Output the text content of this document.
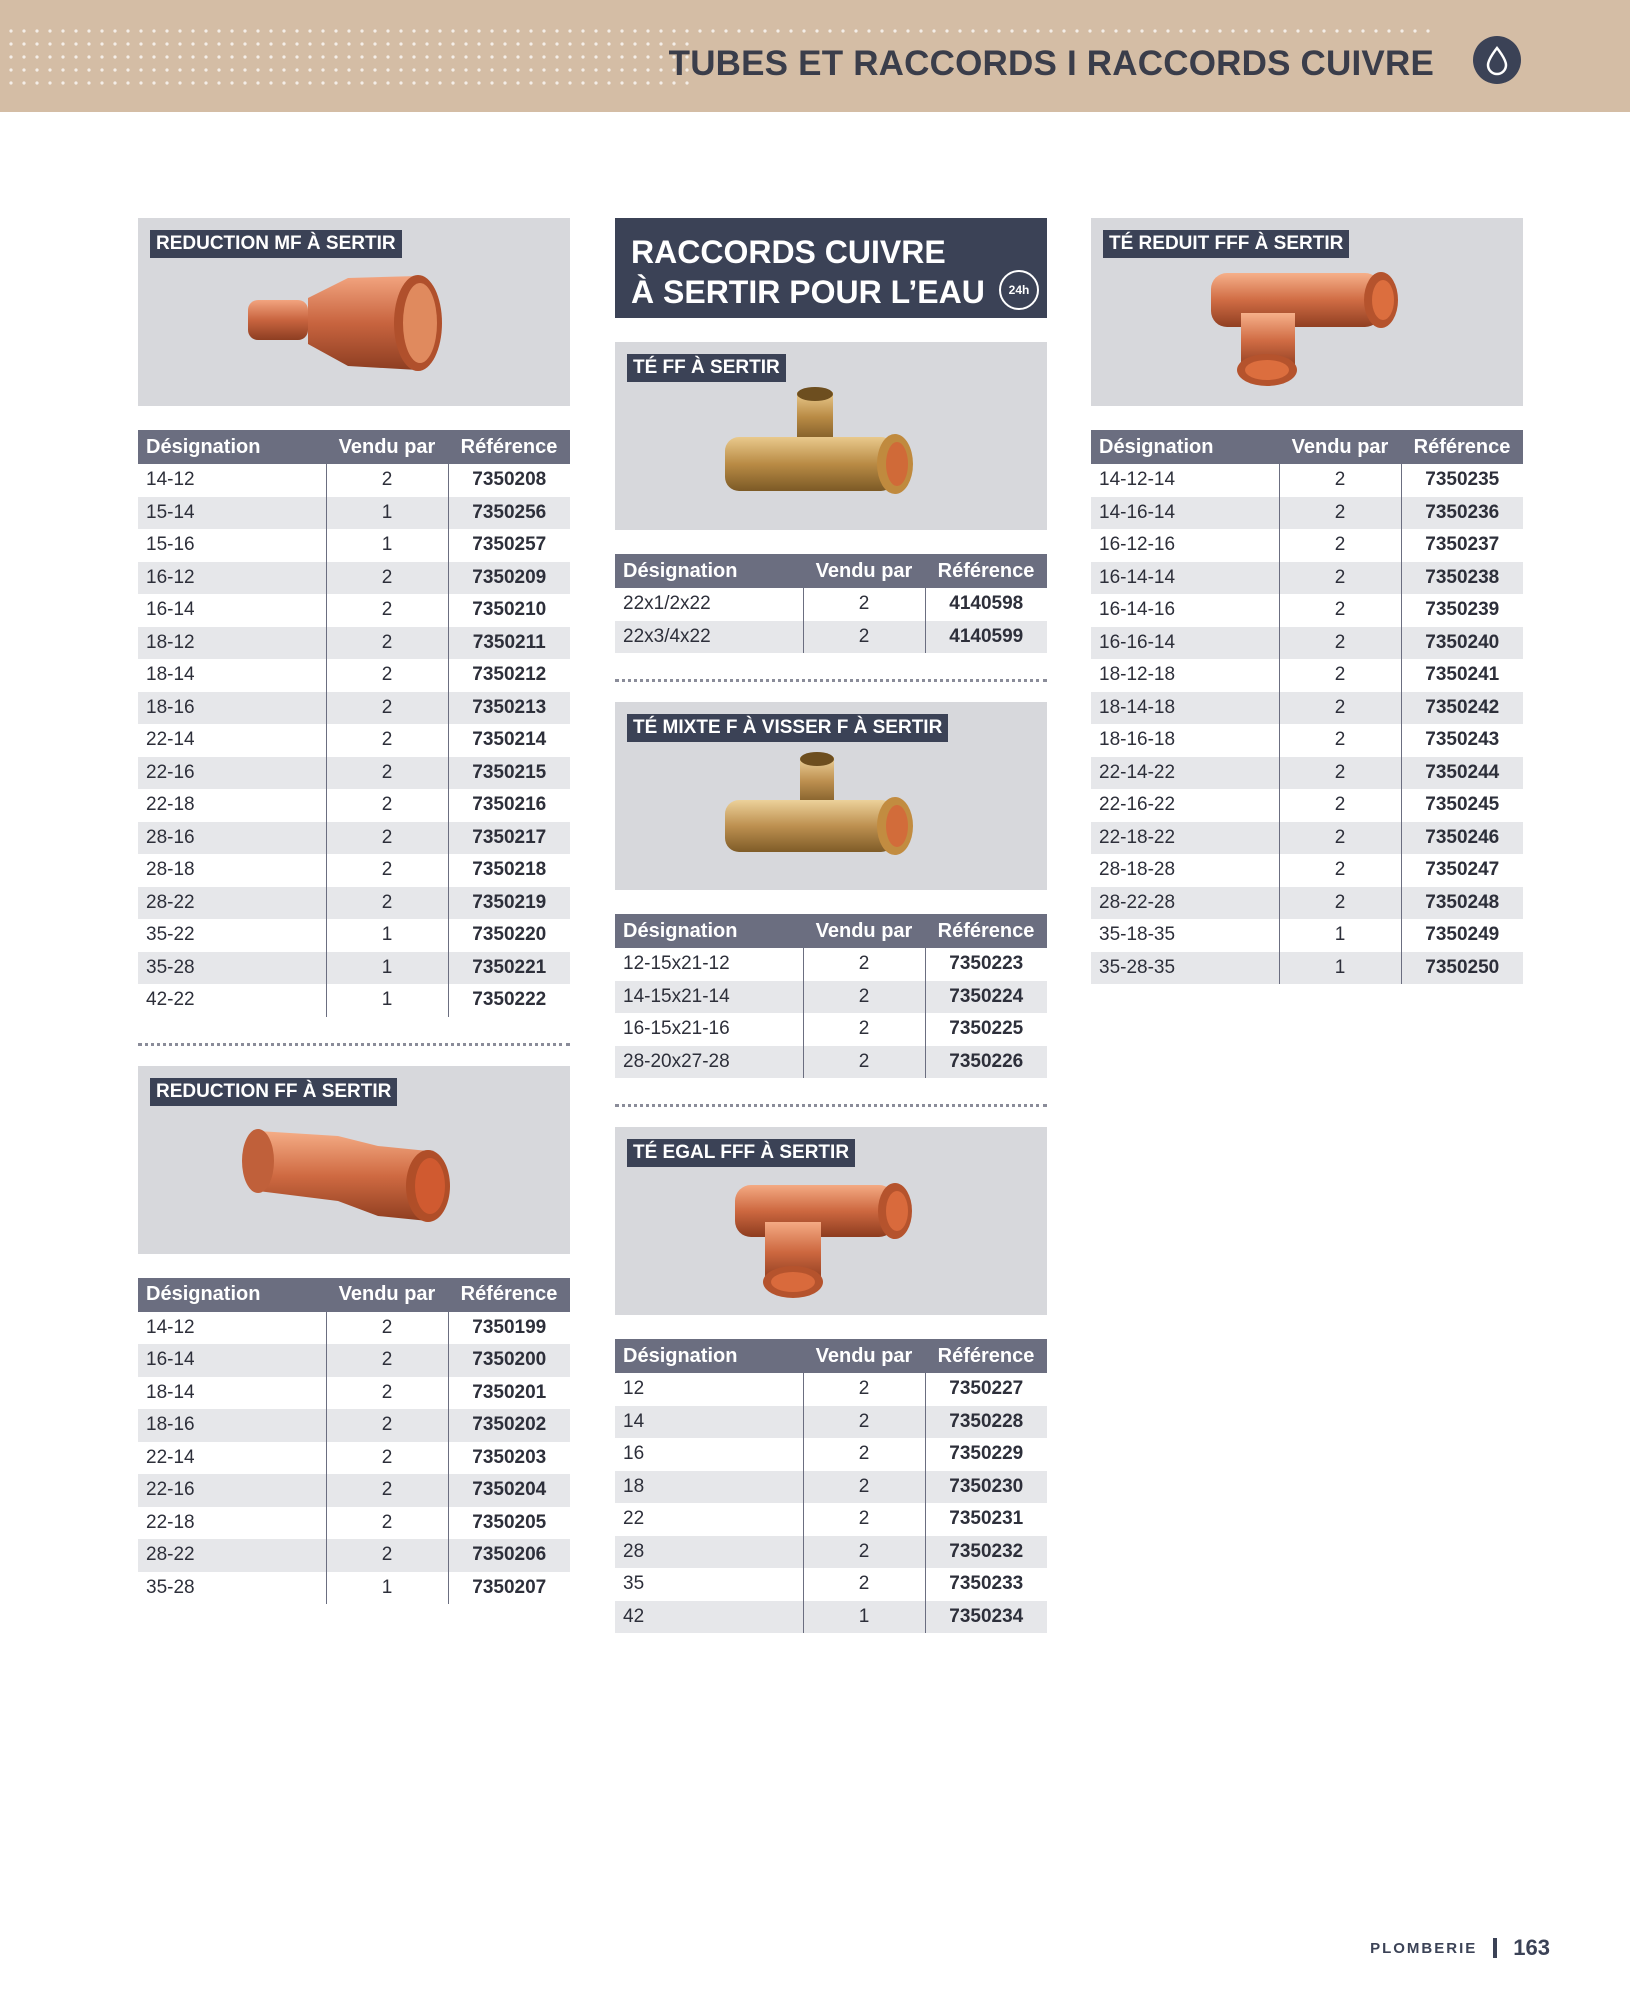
TUBES ET RACCORDS I RACCORDS CUIVRE
REDUCTION MF À SERTIR
Désignation	Vendu par	Référence
14-12	2	7350208
15-14	1	7350256
15-16	1	7350257
16-12	2	7350209
16-14	2	7350210
18-12	2	7350211
18-14	2	7350212
18-16	2	7350213
22-14	2	7350214
22-16	2	7350215
22-18	2	7350216
28-16	2	7350217
28-18	2	7350218
28-22	2	7350219
35-22	1	7350220
35-28	1	7350221
42-22	1	7350222
REDUCTION FF À SERTIR
Désignation	Vendu par	Référence
14-12	2	7350199
16-14	2	7350200
18-14	2	7350201
18-16	2	7350202
22-14	2	7350203
22-16	2	7350204
22-18	2	7350205
28-22	2	7350206
35-28	1	7350207
RACCORDS CUIVRE
À SERTIR POUR L’EAU	24h
TÉ FF À SERTIR
Désignation	Vendu par	Référence
22x1/2x22	2	4140598
22x3/4x22	2	4140599
TÉ MIXTE F À VISSER F À SERTIR
Désignation	Vendu par	Référence
12-15x21-12	2	7350223
14-15x21-14	2	7350224
16-15x21-16	2	7350225
28-20x27-28	2	7350226
TÉ EGAL FFF À SERTIR
Désignation	Vendu par	Référence
12	2	7350227
14	2	7350228
16	2	7350229
18	2	7350230
22	2	7350231
28	2	7350232
35	2	7350233
42	1	7350234
TÉ REDUIT FFF À SERTIR
Désignation	Vendu par	Référence
14-12-14	2	7350235
14-16-14	2	7350236
16-12-16	2	7350237
16-14-14	2	7350238
16-14-16	2	7350239
16-16-14	2	7350240
18-12-18	2	7350241
18-14-18	2	7350242
18-16-18	2	7350243
22-14-22	2	7350244
22-16-22	2	7350245
22-18-22	2	7350246
28-18-28	2	7350247
28-22-28	2	7350248
35-18-35	1	7350249
35-28-35	1	7350250
PLOMBERIE 163
